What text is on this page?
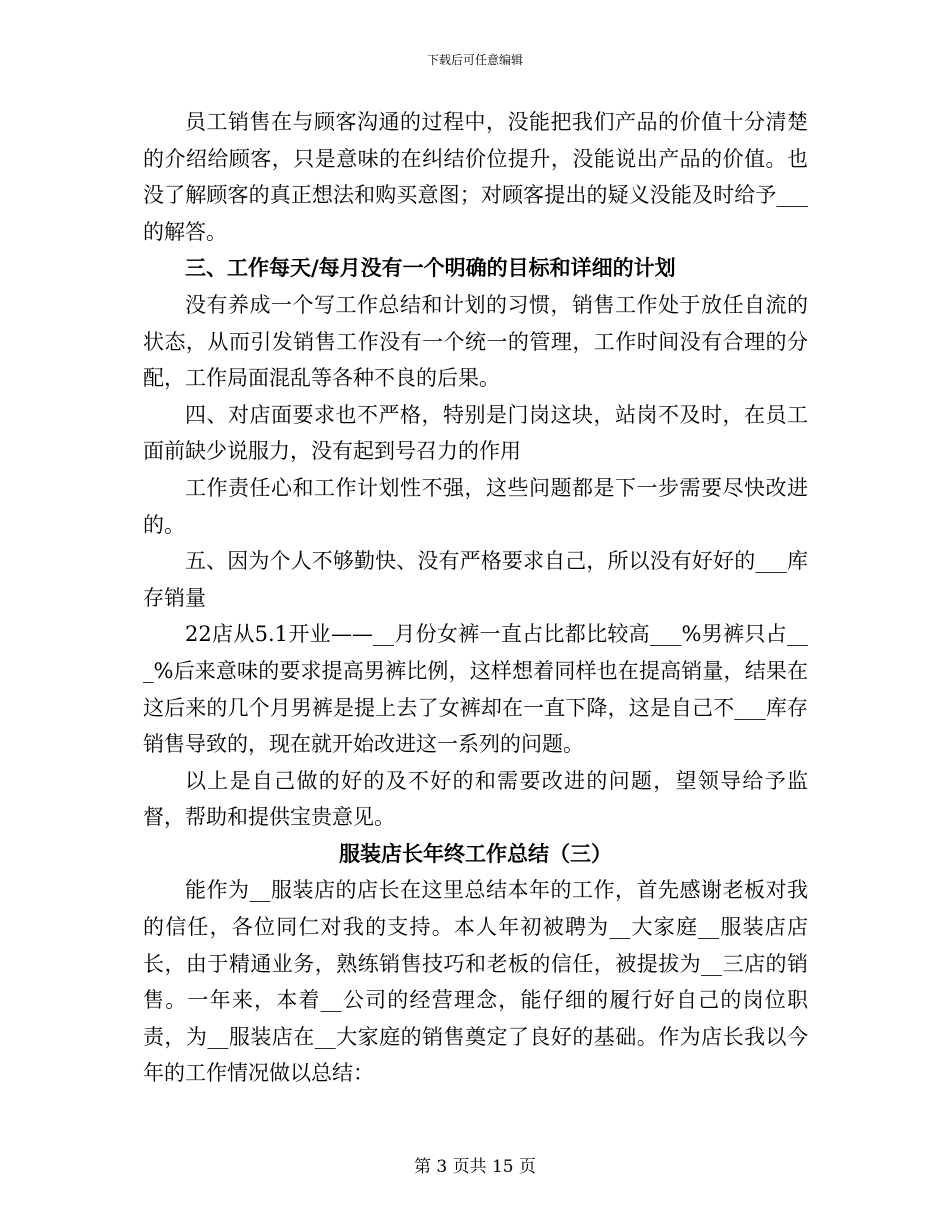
下载后可任意编辑

员工销售在与顾客沟通的过程中，没能把我们产品的价值十分清楚的介绍给顾客，只是意味的在纠结价位提升，没能说出产品的价值。也没了解顾客的真正想法和购买意图；对顾客提出的疑义没能及时给予___的解答。

三、工作每天/每月没有一个明确的目标和详细的计划

没有养成一个写工作总结和计划的习惯，销售工作处于放任自流的状态，从而引发销售工作没有一个统一的管理，工作时间没有合理的分配，工作局面混乱等各种不良的后果。

四、对店面要求也不严格，特别是门岗这块，站岗不及时，在员工面前缺少说服力，没有起到号召力的作用

工作责任心和工作计划性不强，这些问题都是下一步需要尽快改进的。

五、因为个人不够勤快、没有严格要求自己，所以没有好好的___库存销量

22店从5.1开业——__月份女裤一直占比都比较高___%男裤只占___%后来意味的要求提高男裤比例，这样想着同样也在提高销量，结果在这后来的几个月男裤是提上去了女裤却在一直下降，这是自己不___库存销售导致的，现在就开始改进这一系列的问题。

以上是自己做的好的及不好的和需要改进的问题，望领导给予监督，帮助和提供宝贵意见。

服装店长年终工作总结（三）

能作为__服装店的店长在这里总结本年的工作，首先感谢老板对我的信任，各位同仁对我的支持。本人年初被聘为__大家庭__服装店店长，由于精通业务，熟练销售技巧和老板的信任，被提拔为__三店的销售。一年来，本着__公司的经营理念，能仔细的履行好自己的岗位职责，为__服装店在__大家庭的销售奠定了良好的基础。作为店长我以今年的工作情况做以总结：

第 3 页共 15 页
